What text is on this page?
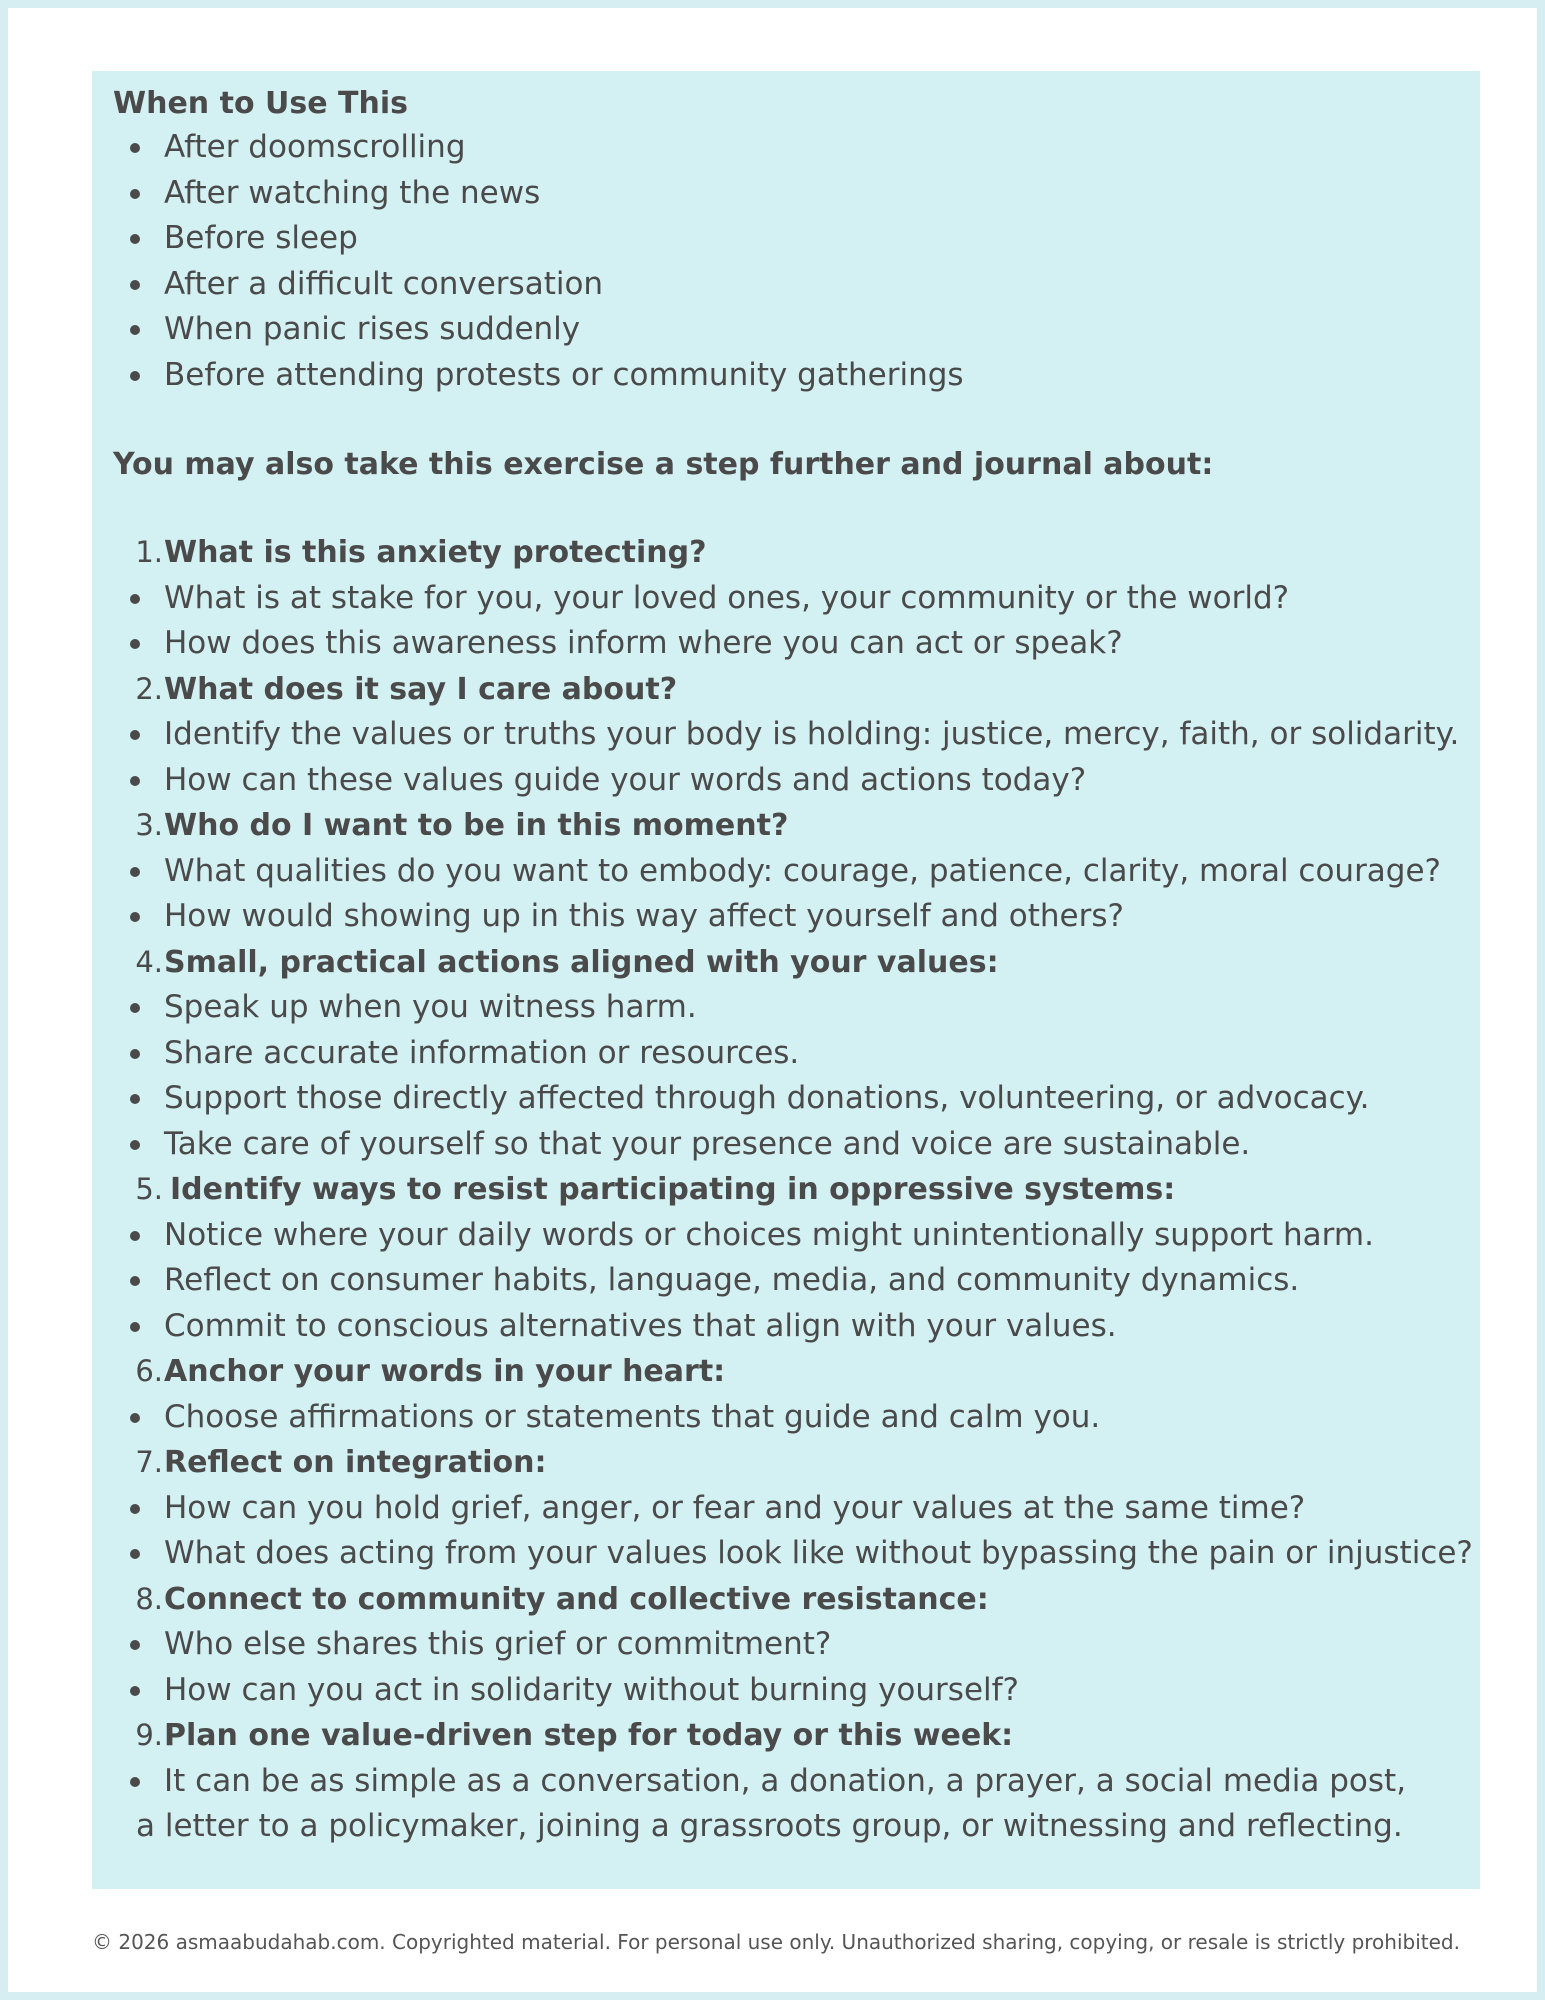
When to Use This
After doomscrolling
After watching the news
Before sleep
After a difficult conversation
When panic rises suddenly
Before attending protests or community gatherings
You may also take this exercise a step further and journal about:
1. What is this anxiety protecting?
What is at stake for you, your loved ones, your community or the world?
How does this awareness inform where you can act or speak?
2. What does it say I care about?
Identify the values or truths your body is holding: justice, mercy, faith, or solidarity.
How can these values guide your words and actions today?
3. Who do I want to be in this moment?
What qualities do you want to embody: courage, patience, clarity, moral courage?
How would showing up in this way affect yourself and others?
4. Small, practical actions aligned with your values:
Speak up when you witness harm.
Share accurate information or resources.
Support those directly affected through donations, volunteering, or advocacy.
Take care of yourself so that your presence and voice are sustainable.
5. Identify ways to resist participating in oppressive systems:
Notice where your daily words or choices might unintentionally support harm.
Reflect on consumer habits, language, media, and community dynamics.
Commit to conscious alternatives that align with your values.
6. Anchor your words in your heart:
Choose affirmations or statements that guide and calm you.
7. Reflect on integration:
How can you hold grief, anger, or fear and your values at the same time?
What does acting from your values look like without bypassing the pain or injustice?
8. Connect to community and collective resistance:
Who else shares this grief or commitment?
How can you act in solidarity without burning yourself?
9. Plan one value-driven step for today or this week:
It can be as simple as a conversation, a donation, a prayer, a social media post,
a letter to a policymaker, joining a grassroots group, or witnessing and reflecting.
© 2026 asmaabudahab.com. Copyrighted material. For personal use only. Unauthorized sharing, copying, or resale is strictly prohibited.
